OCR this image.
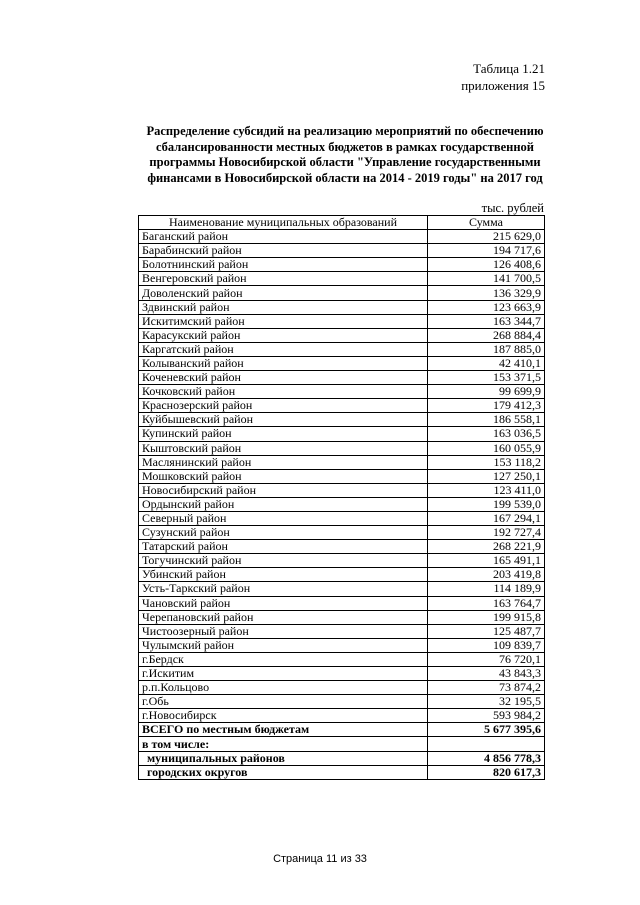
Таблица 1.21
приложения 15
Распределение субсидий на реализацию мероприятий по обеспечению сбалансированности местных бюджетов в рамках государственной программы Новосибирской области "Управление государственными финансами в Новосибирской области на 2014 - 2019 годы" на 2017 год
тыс. рублей
Наименование муниципальных образований	Сумма
Баганский район	215 629,0
Барабинский район	194 717,6
Болотнинский район	126 408,6
Венгеровский район	141 700,5
Доволенский район	136 329,9
Здвинский район	123 663,9
Искитимский район	163 344,7
Карасукский район	268 884,4
Каргатский район	187 885,0
Колыванский район	42 410,1
Коченевский район	153 371,5
Кочковский район	99 699,9
Краснозерский район	179 412,3
Куйбышевский район	186 558,1
Купинский район	163 036,5
Кыштовский район	160 055,9
Маслянинский район	153 118,2
Мошковский район	127 250,1
Новосибирский район	123 411,0
Ордынский район	199 539,0
Северный район	167 294,1
Сузунский район	192 727,4
Татарский район	268 221,9
Тогучинский район	165 491,1
Убинский район	203 419,8
Усть-Таркский район	114 189,9
Чановский район	163 764,7
Черепановский район	199 915,8
Чистоозерный район	125 487,7
Чулымский район	109 839,7
г.Бердск	76 720,1
г.Искитим	43 843,3
р.п.Кольцово	73 874,2
г.Обь	32 195,5
г.Новосибирск	593 984,2
ВСЕГО по местным бюджетам	5 677 395,6
в том числе:	
муниципальных районов	4 856 778,3
городских округов	820 617,3
Страница 11 из 33
